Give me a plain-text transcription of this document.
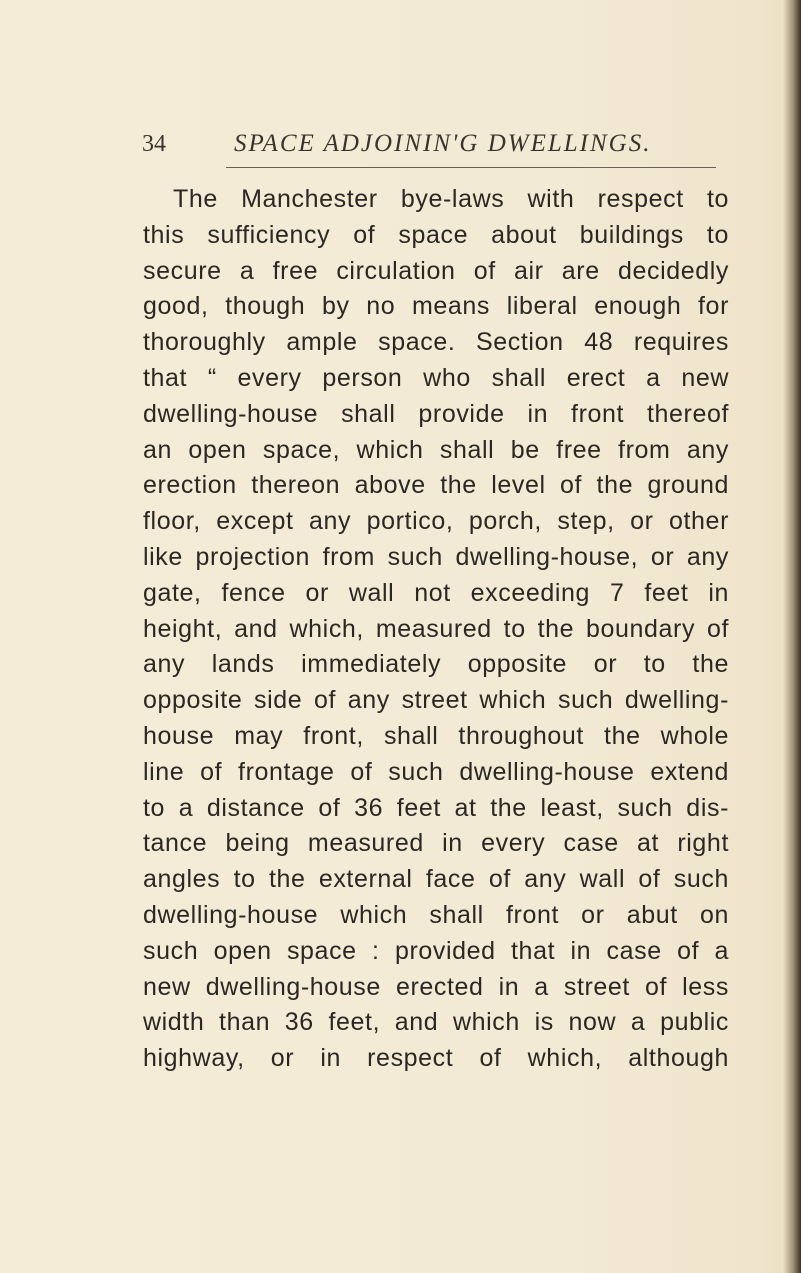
34	SPACE ADJOININ'G DWELLINGS.
The Manchester bye-laws with respect to
this sufficiency of space about buildings to
secure a free circulation of air are decidedly
good, though by no means liberal enough for
thoroughly ample space. Section 48 requires
that “ every person who shall erect a new
dwelling-house shall provide in front thereof
an open space, which shall be free from any
erection thereon above the level of the ground
floor, except any portico, porch, step, or other
like projection from such dwelling-house, or any
gate, fence or wall not exceeding 7 feet in
height, and which, measured to the boundary of
any lands immediately opposite or to the
opposite side of any street which such dwelling-
house may front, shall throughout the whole
line of frontage of such dwelling-house extend
to a distance of 36 feet at the least, such dis-
tance being measured in every case at right
angles to the external face of any wall of such
dwelling-house which shall front or abut on
such open space : provided that in case of a
new dwelling-house erected in a street of less
width than 36 feet, and which is now a public
highway, or in respect of which, although
